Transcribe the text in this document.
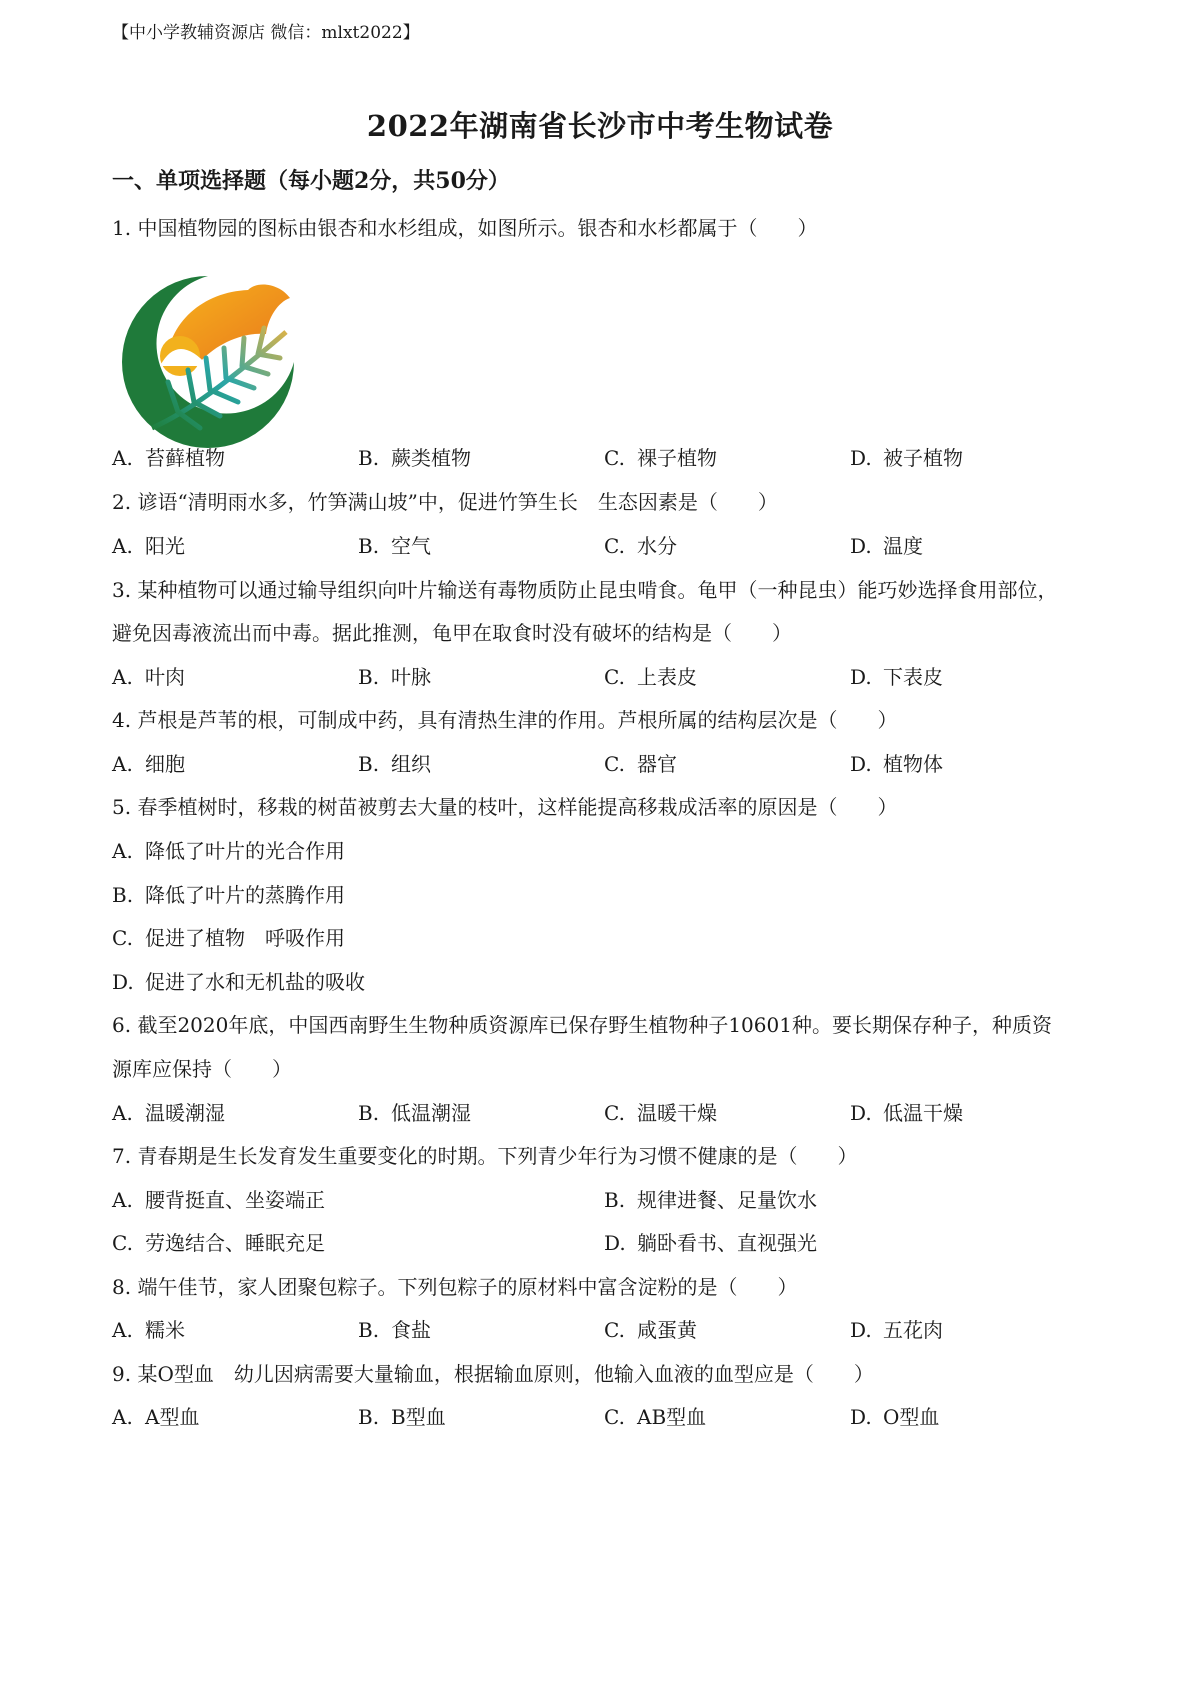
【中小学教辅资源店 微信：mlxt2022】
2022年湖南省长沙市中考生物试卷
一、单项选择题（每小题2分，共50分）
1. 中国植物园的图标由银杏和水杉组成，如图所示。银杏和水杉都属于（　　）
A. 苔藓植物	B. 蕨类植物	C. 裸子植物	D. 被子植物
2. 谚语“清明雨水多，竹笋满山坡”中，促进竹笋生长　生态因素是（　　）
A. 阳光	B. 空气	C. 水分	D. 温度
3. 某种植物可以通过输导组织向叶片输送有毒物质防止昆虫啃食。龟甲（一种昆虫）能巧妙选择食用部位，
避免因毒液流出而中毒。据此推测，龟甲在取食时没有破坏的结构是（　　）
A. 叶肉	B. 叶脉	C. 上表皮	D. 下表皮
4. 芦根是芦苇的根，可制成中药，具有清热生津的作用。芦根所属的结构层次是（　　）
A. 细胞	B. 组织	C. 器官	D. 植物体
5. 春季植树时，移栽的树苗被剪去大量的枝叶，这样能提高移栽成活率的原因是（　　）
A. 降低了叶片的光合作用
B. 降低了叶片的蒸腾作用
C. 促进了植物　呼吸作用
D. 促进了水和无机盐的吸收
6. 截至2020年底，中国西南野生生物种质资源库已保存野生植物种子10601种。要长期保存种子，种质资
源库应保持（　　）
A. 温暖潮湿	B. 低温潮湿	C. 温暖干燥	D. 低温干燥
7. 青春期是生长发育发生重要变化的时期。下列青少年行为习惯不健康的是（　　）
A. 腰背挺直、坐姿端正	B. 规律进餐、足量饮水
C. 劳逸结合、睡眠充足	D. 躺卧看书、直视强光
8. 端午佳节，家人团聚包粽子。下列包粽子的原材料中富含淀粉的是（　　）
A. 糯米	B. 食盐	C. 咸蛋黄	D. 五花肉
9. 某O型血　幼儿因病需要大量输血，根据输血原则，他输入血液的血型应是（　　）
A. A型血	B. B型血	C. AB型血	D. O型血
